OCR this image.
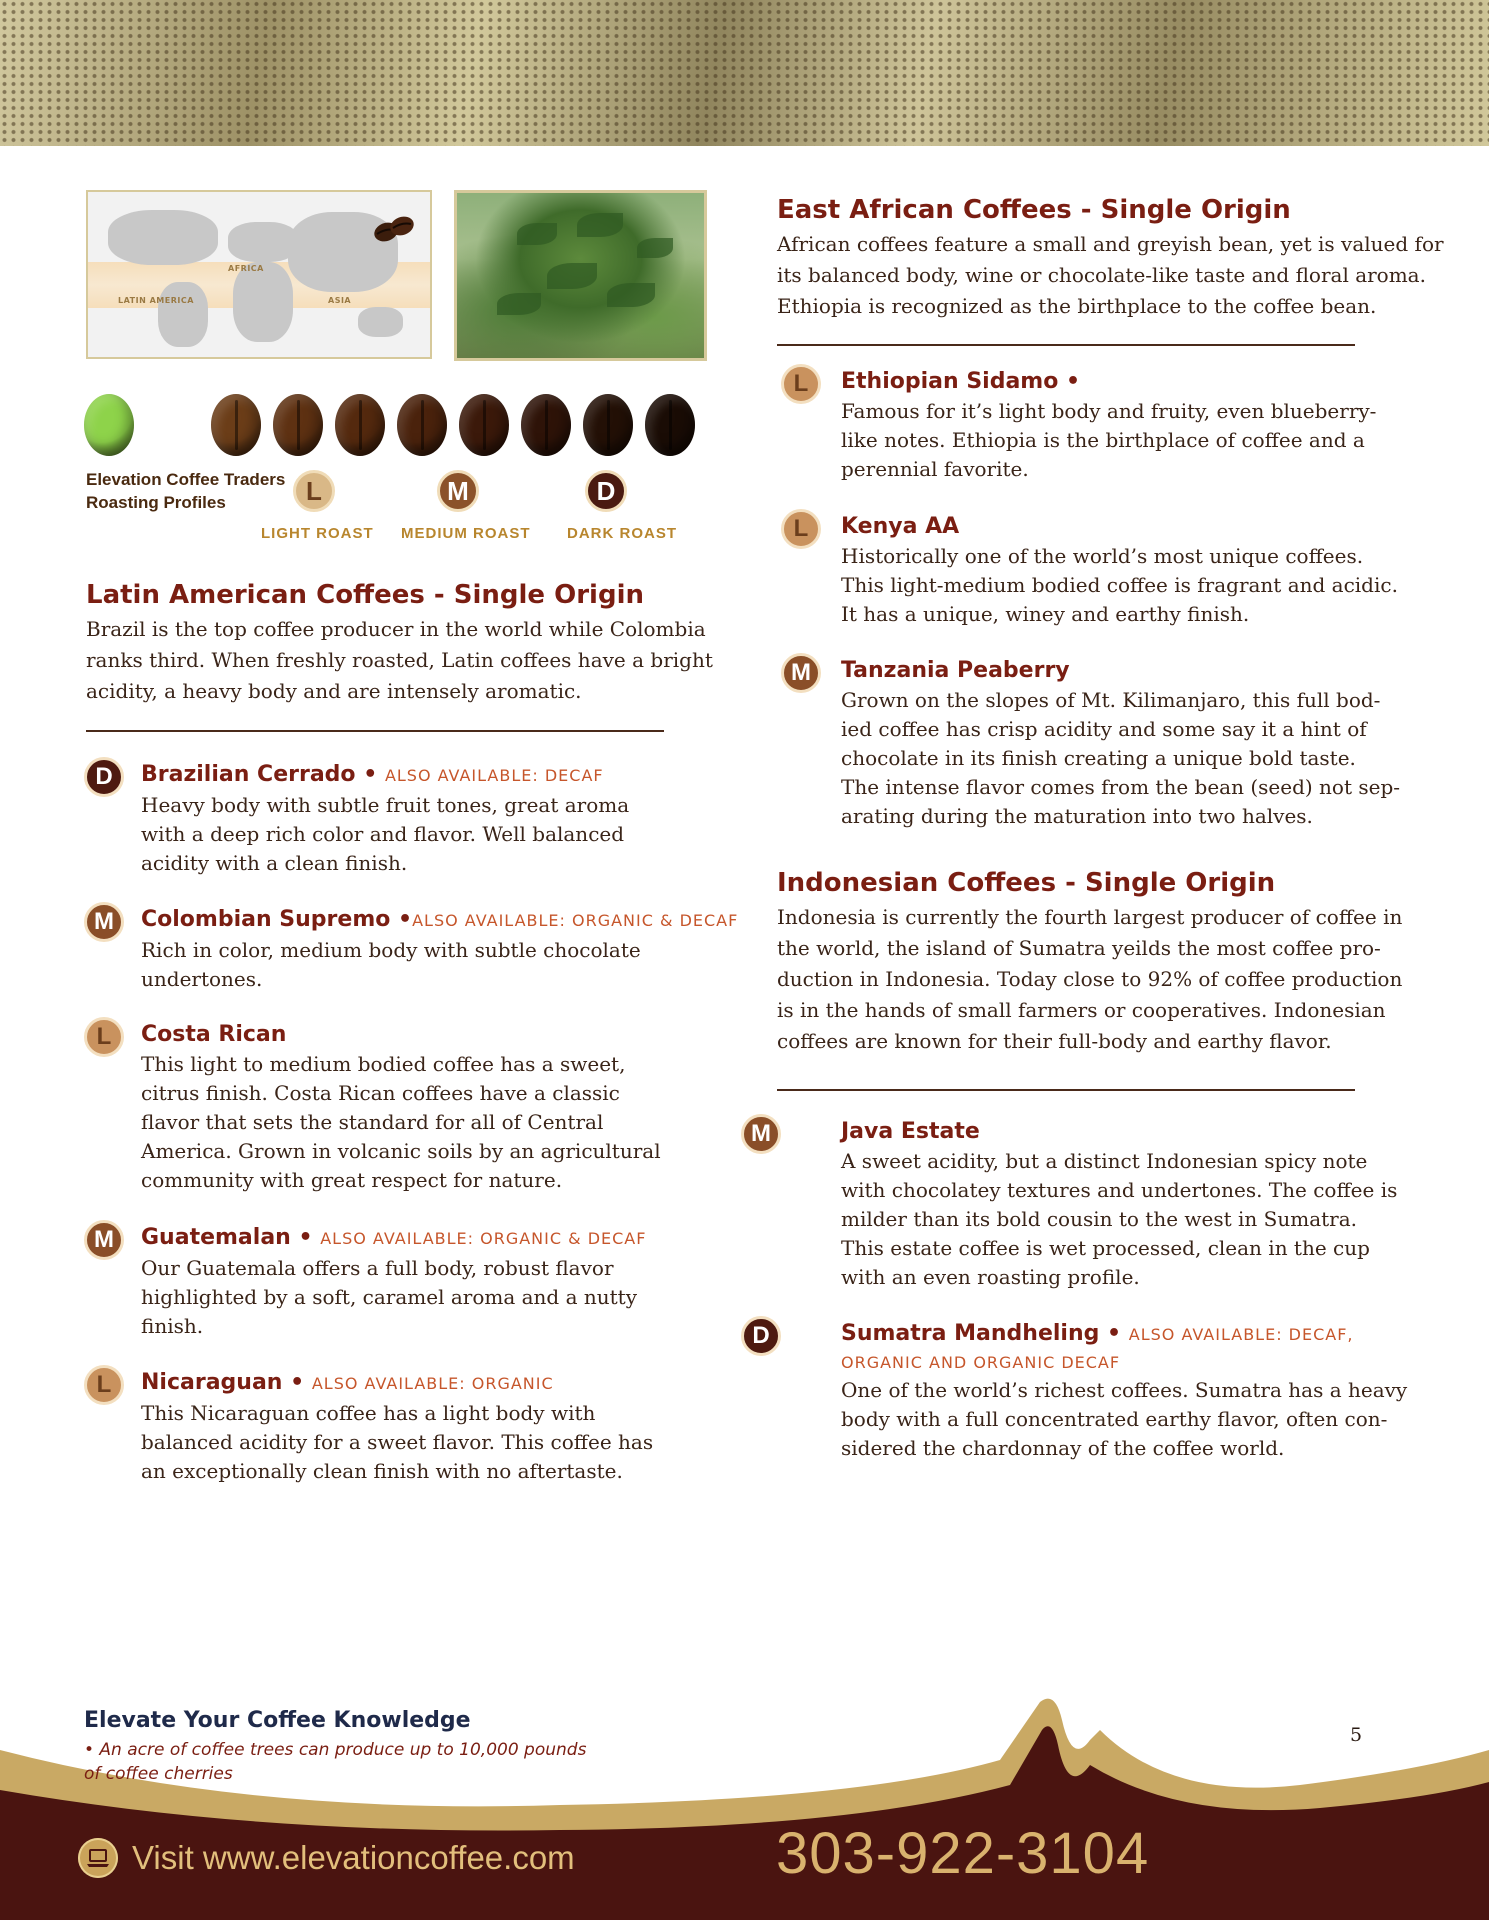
AFRICA
LATIN AMERICA	ASIA
Elevation Coffee Traders
Roasting Profiles	L	M	D
LIGHT ROAST MEDIUM ROAST DARK ROAST
Latin American Coffees - Single Origin
Brazil is the top coffee producer in the world while Colombia
ranks third. When freshly roasted, Latin coffees have a bright
acidity, a heavy body and are intensely aromatic.
D	Brazilian Cerrado • ALSO AVAILABLE: DECAF
Heavy body with subtle fruit tones, great aroma
with a deep rich color and flavor. Well balanced
acidity with a clean finish.
M	Colombian Supremo •ALSO AVAILABLE: ORGANIC & DECAF
Rich in color, medium body with subtle chocolate
undertones.
L	Costa Rican
This light to medium bodied coffee has a sweet,
citrus finish. Costa Rican coffees have a classic
flavor that sets the standard for all of Central
America. Grown in volcanic soils by an agricultural
community with great respect for nature.
M	Guatemalan • ALSO AVAILABLE: ORGANIC & DECAF
Our Guatemala offers a full body, robust flavor
highlighted by a soft, caramel aroma and a nutty
finish.
L	Nicaraguan • ALSO AVAILABLE: ORGANIC
This Nicaraguan coffee has a light body with
balanced acidity for a sweet flavor. This coffee has
an exceptionally clean finish with no aftertaste.
East African Coffees - Single Origin
African coffees feature a small and greyish bean, yet is valued for
its balanced body, wine or chocolate-like taste and floral aroma.
Ethiopia is recognized as the birthplace to the coffee bean.
L	Ethiopian Sidamo •
Famous for it’s light body and fruity, even blueberry-
like notes. Ethiopia is the birthplace of coffee and a
perennial favorite.
L	Kenya AA
Historically one of the world’s most unique coffees.
This light-medium bodied coffee is fragrant and acidic.
It has a unique, winey and earthy finish.
M	Tanzania Peaberry
Grown on the slopes of Mt. Kilimanjaro, this full bod-
ied coffee has crisp acidity and some say it a hint of
chocolate in its finish creating a unique bold taste.
The intense flavor comes from the bean (seed) not sep-
arating during the maturation into two halves.
Indonesian Coffees - Single Origin
Indonesia is currently the fourth largest producer of coffee in
the world, the island of Sumatra yeilds the most coffee pro-
duction in Indonesia. Today close to 92% of coffee production
is in the hands of small farmers or cooperatives. Indonesian
coffees are known for their full-body and earthy flavor.
M	Java Estate
A sweet acidity, but a distinct Indonesian spicy note
with chocolatey textures and undertones. The coffee is
milder than its bold cousin to the west in Sumatra.
This estate coffee is wet processed, clean in the cup
with an even roasting profile.
D	Sumatra Mandheling • ALSO AVAILABLE: DECAF,
ORGANIC AND ORGANIC DECAF
One of the world’s richest coffees. Sumatra has a heavy
body with a full concentrated earthy flavor, often con-
sidered the chardonnay of the coffee world.
Elevate Your Coffee Knowledge
• An acre of coffee trees can produce up to 10,000 pounds
of coffee cherries
5
Visit www.elevationcoffee.com	303-922-3104
